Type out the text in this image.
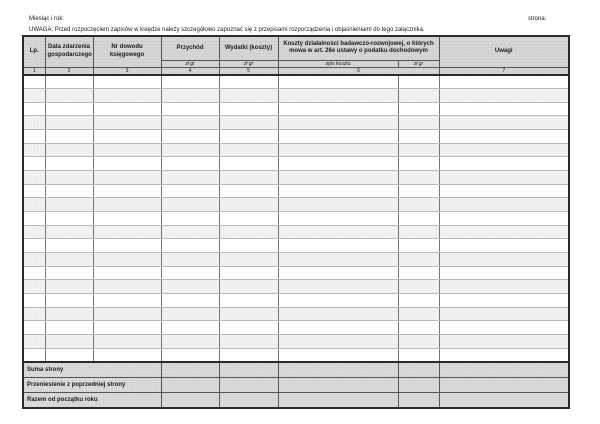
Miesiąc i rok:	strona:
UWAGA: Przed rozpoczęciem zapisów w księdze należy szczegółowo zapoznać się z przepisami rozporządzenia i objaśnieniami do tego załącznika.
Lp.	Data zdarzenia gospodarczego	Nr dowodu księgowego	Przychód	Wydatki (koszty)	Koszty działalności badawczo-rozwojowej, o których mowa w art. 26e ustawy o podatku dochodowym		Uwagi
			zł gr	zł gr	opis kosztu	zł gr	
1	2	3	4	5	6		7

Suma strony							
Przeniesienie z poprzedniej strony							
Razem od początku roku							
